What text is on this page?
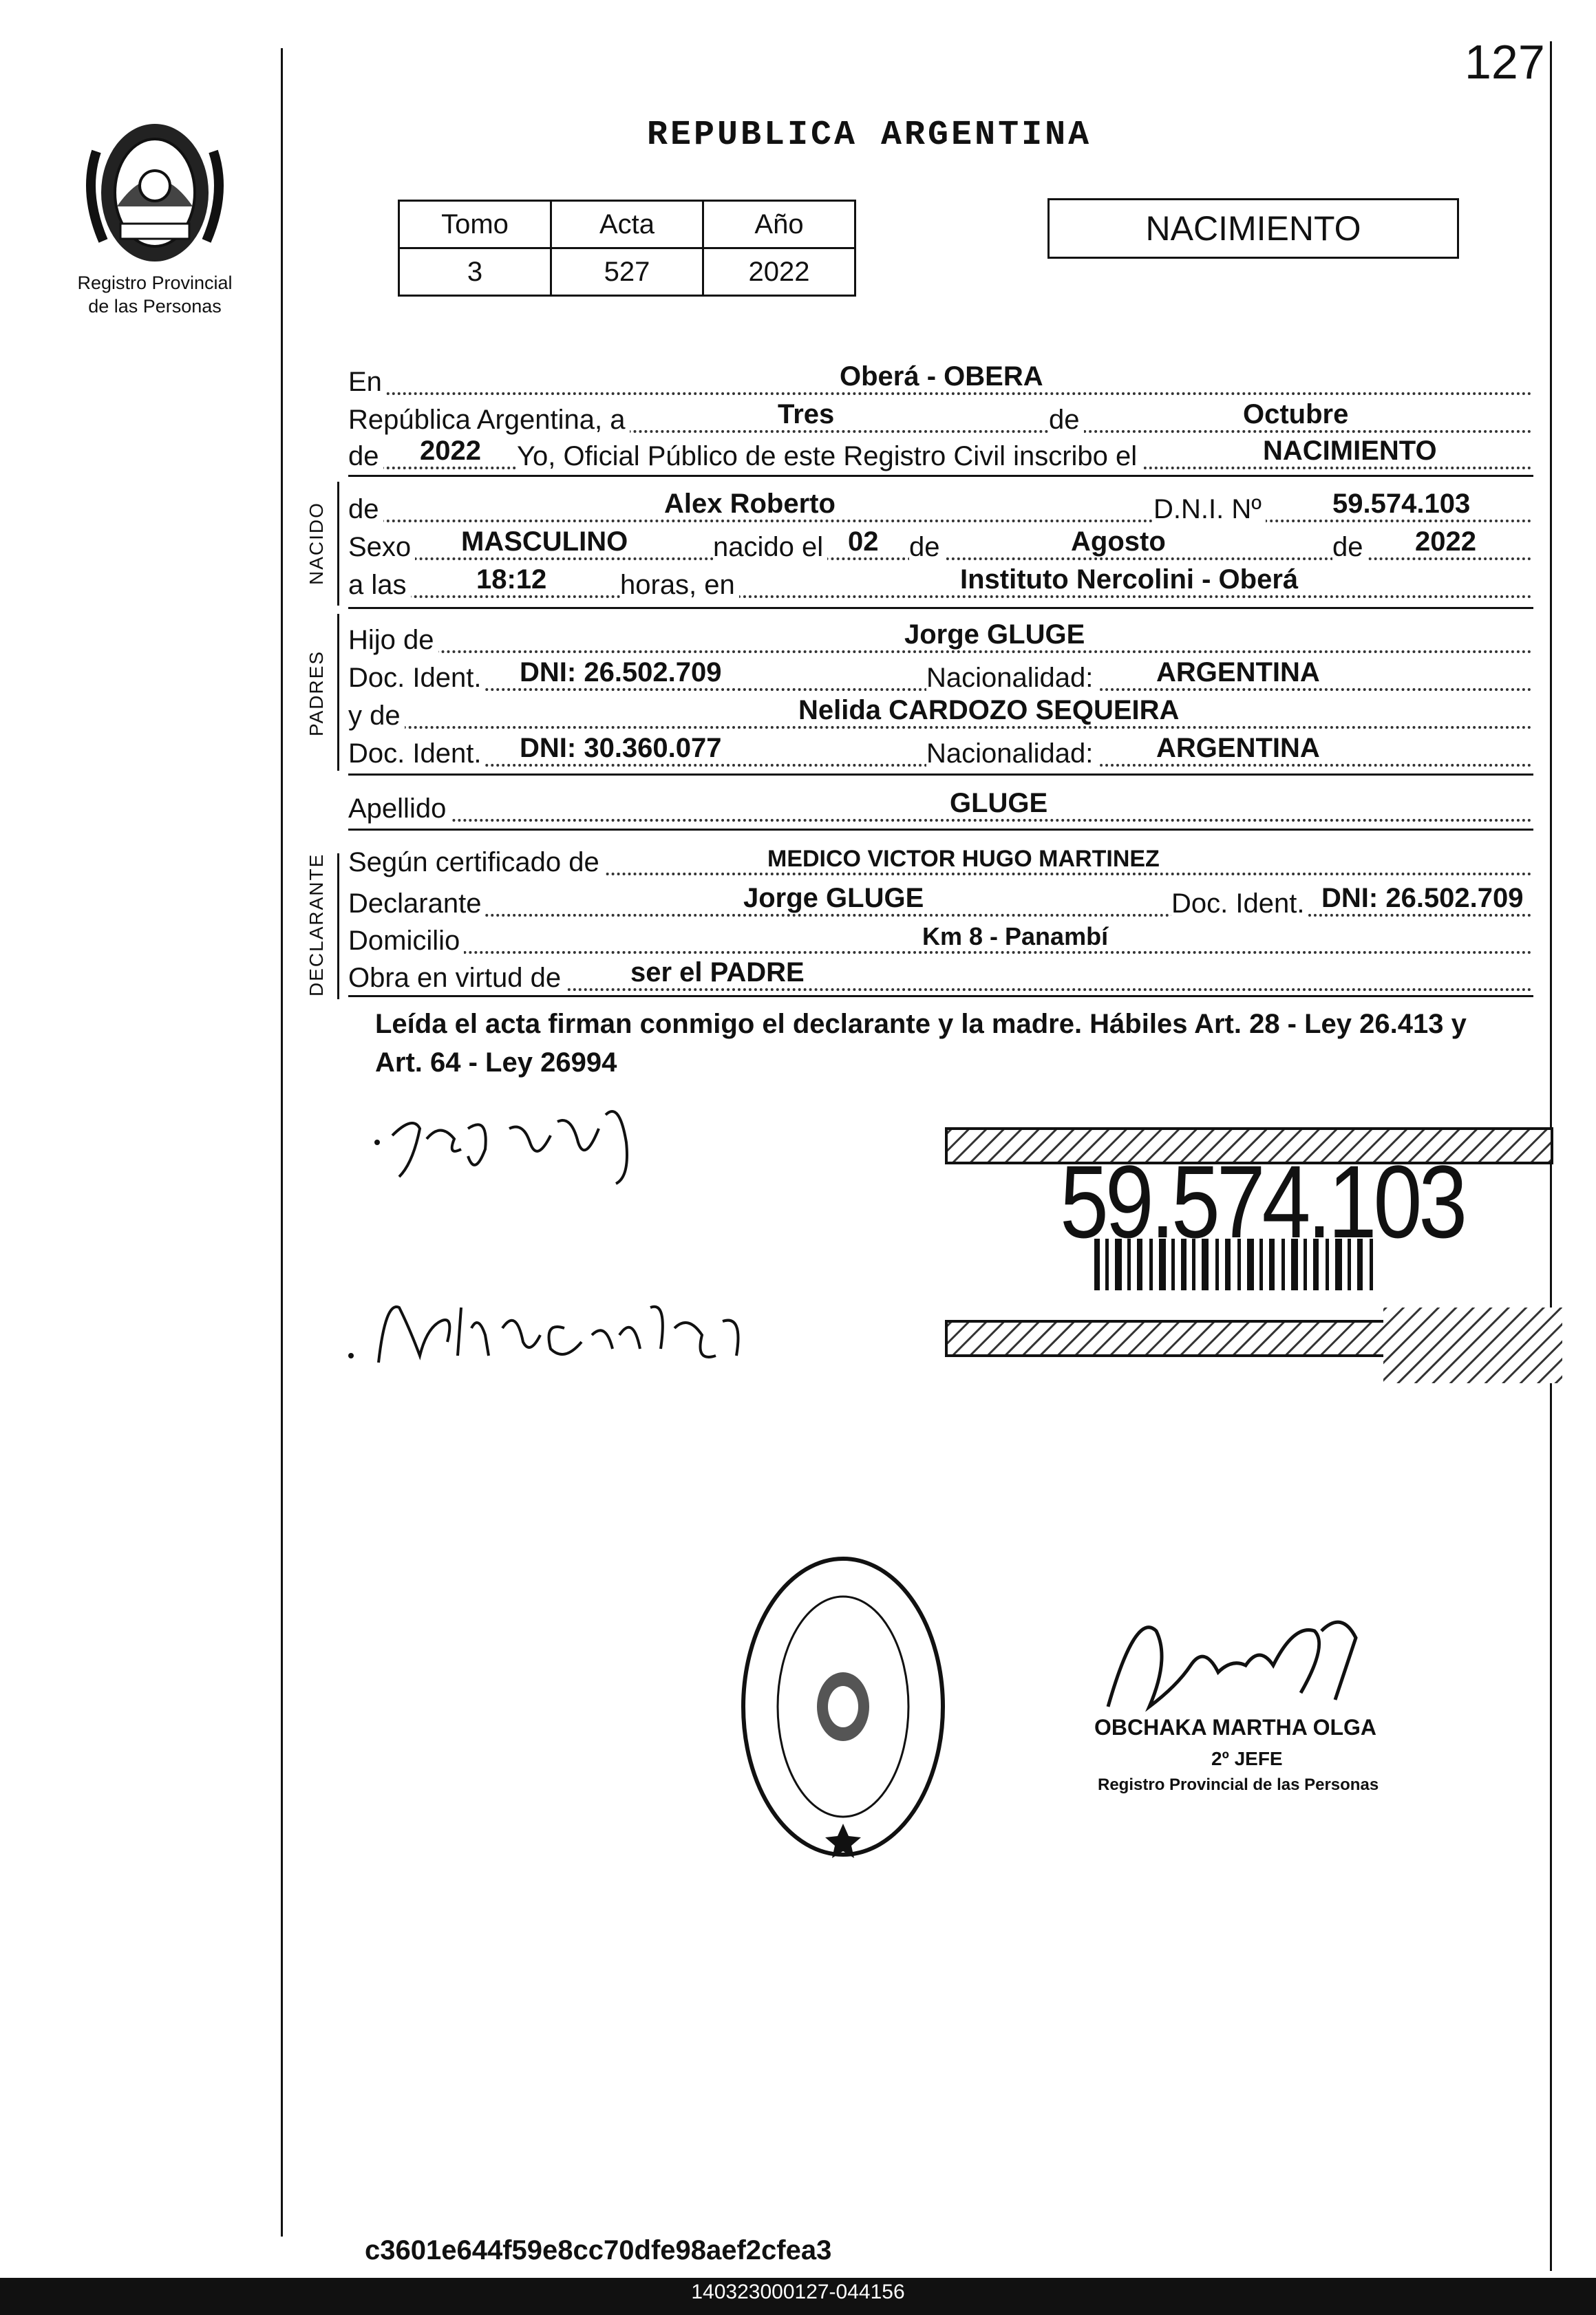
127
Registro Provincial
de las Personas
REPUBLICA ARGENTINA
Tomo	Acta	Año
3	527	2022
NACIMIENTO
En	Oberá - OBERA
República Argentina, a	Tres	de	Octubre
de 2022 Yo, Oficial Público de este Registro Civil inscribo el	NACIMIENTO
NACIDO de	Alex Roberto	D.N.I. Nº	59.574.103
Sexo MASCULINO	nacido el 02 de	Agosto	de 2022
a las	18:12	horas, en	Instituto Nercolini - Oberá
PADRES
Hijo de	Jorge GLUGE
Doc. Ident. DNI: 26.502.709	Nacionalidad: ARGENTINA
y de	Nelida CARDOZO SEQUEIRA
Doc. Ident. DNI: 30.360.077	Nacionalidad: ARGENTINA
Apellido	GLUGE
DECLARANTE Según certificado de	MEDICO VICTOR HUGO MARTINEZ
Declarante	Jorge GLUGE	Doc. Ident. DNI: 26.502.709
Domicilio	Km 8 - Panambí
Obra en virtud de	ser el PADRE
Leída el acta firman conmigo el declarante y la madre. Hábiles Art. 28 - Ley 26.413 y Art. 64 - Ley 26994
59.574.103
OBCHAKA MARTHA OLGA
2º JEFE
Registro Provincial de las Personas
c3601e644f59e8cc70dfe98aef2cfea3
140323000127-044156
